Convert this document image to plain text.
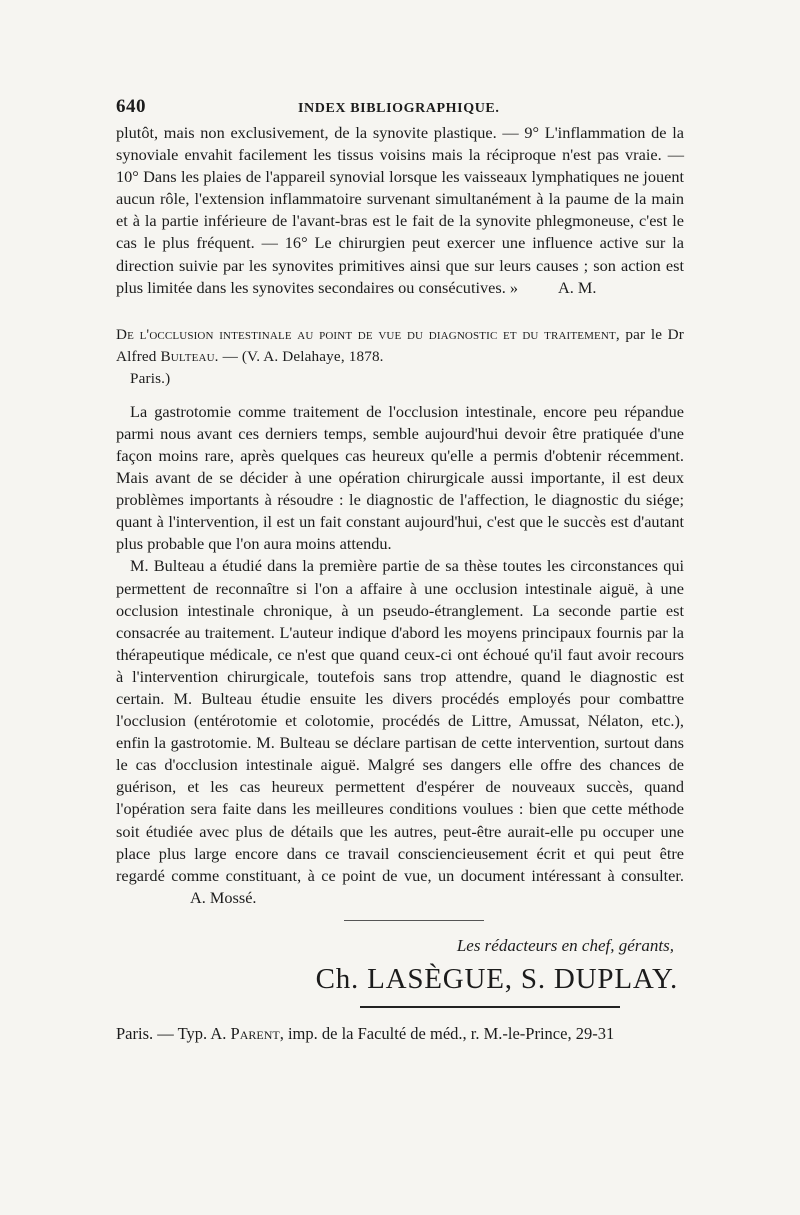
640	INDEX BIBLIOGRAPHIQUE.

plutôt, mais non exclusivement, de la synovite plastique. — 9° L'inflammation de la synoviale envahit facilement les tissus voisins mais la réciproque n'est pas vraie. — 10° Dans les plaies de l'appareil synovial lorsque les vaisseaux lymphatiques ne jouent aucun rôle, l'extension inflammatoire survenant simultanément à la paume de la main et à la partie inférieure de l'avant-bras est le fait de la synovite phlegmoneuse, c'est le cas le plus fréquent. — 16° Le chirurgien peut exercer une influence active sur la direction suivie par les synovites primitives ainsi que sur leurs causes ; son action est plus limitée dans les synovites secondaires ou consécutives. » A. M.

De l'occlusion intestinale au point de vue du diagnostic et du traitement, par le Dr Alfred Bulteau. — (V. A. Delahaye, 1878.
Paris.)

La gastrotomie comme traitement de l'occlusion intestinale, encore peu répandue parmi nous avant ces derniers temps, semble aujourd'hui devoir être pratiquée d'une façon moins rare, après quelques cas heureux qu'elle a permis d'obtenir récemment. Mais avant de se décider à une opération chirurgicale aussi importante, il est deux problèmes importants à résoudre : le diagnostic de l'affection, le diagnostic du siége; quant à l'intervention, il est un fait constant aujourd'hui, c'est que le succès est d'autant plus probable que l'on aura moins attendu.

M. Bulteau a étudié dans la première partie de sa thèse toutes les circonstances qui permettent de reconnaître si l'on a affaire à une occlusion intestinale aiguë, à une occlusion intestinale chronique, à un pseudo-étranglement. La seconde partie est consacrée au traitement. L'auteur indique d'abord les moyens principaux fournis par la thérapeutique médicale, ce n'est que quand ceux-ci ont échoué qu'il faut avoir recours à l'intervention chirurgicale, toutefois sans trop attendre, quand le diagnostic est certain. M. Bulteau étudie ensuite les divers procédés employés pour combattre l'occlusion (entérotomie et colotomie, procédés de Littre, Amussat, Nélaton, etc.), enfin la gastrotomie. M. Bulteau se déclare partisan de cette intervention, surtout dans le cas d'occlusion intestinale aiguë. Malgré ses dangers elle offre des chances de guérison, et les cas heureux permettent d'espérer de nouveaux succès, quand l'opération sera faite dans les meilleures conditions voulues : bien que cette méthode soit étudiée avec plus de détails que les autres, peut-être aurait-elle pu occuper une place plus large encore dans ce travail consciencieusement écrit et qui peut être regardé comme constituant, à ce point de vue, un document intéressant à consulter.A. Mossé.

Les rédacteurs en chef, gérants,
Ch. LASÈGUE, S. DUPLAY.
Paris. — Typ. A. Parent, imp. de la Faculté de méd., r. M.-le-Prince, 29-31
